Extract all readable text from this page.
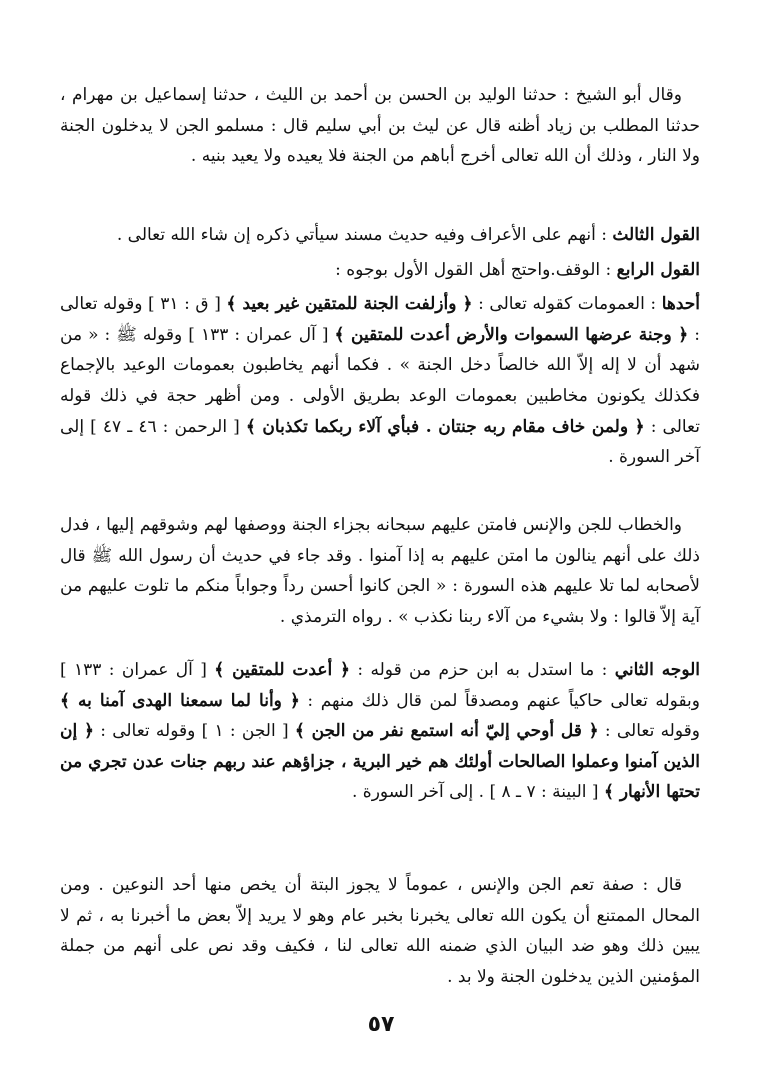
وقال أبو الشيخ : حدثنا الوليد بن الحسن بن أحمد بن الليث ، حدثنا إسماعيل بن مهرام ، حدثنا المطلب بن زياد أظنه قال عن ليث بن أبي سليم قال : مسلمو الجن لا يدخلون الجنة ولا النار ، وذلك أن الله تعالى أخرج أباهم من الجنة فلا يعيده ولا يعيد بنيه .

القول الثالث : أنهم على الأعراف وفيه حديث مسند سيأتي ذكره إن شاء الله تعالى .

القول الرابع : الوقف.واحتج أهل القول الأول بوجوه :

أحدها : العمومات كقوله تعالى : ﴿ وأزلفت الجنة للمتقين غير بعيد ﴾ [ ق : ٣١ ] وقوله تعالى : ﴿ وجنة عرضها السموات والأرض أعدت للمتقين ﴾ [ آل عمران : ١٣٣ ] وقوله ﷺ : « من شهد أن لا إله إلاّ الله خالصاً دخل الجنة » . فكما أنهم يخاطبون بعمومات الوعيد بالإجماع فكذلك يكونون مخاطبين بعمومات الوعد بطريق الأولى . ومن أظهر حجة في ذلك قوله تعالى : ﴿ ولمن خاف مقام ربه جنتان . فبأي آلاء ربكما تكذبان ﴾ [ الرحمن : ٤٦ ـ ٤٧ ] إلى آخر السورة .

والخطاب للجن والإنس فامتن عليهم سبحانه بجزاء الجنة ووصفها لهم وشوقهم إليها ، فدل ذلك على أنهم ينالون ما امتن عليهم به إذا آمنوا . وقد جاء في حديث أن رسول الله ﷺ قال لأصحابه لما تلا عليهم هذه السورة : « الجن كانوا أحسن رداً وجواباً منكم ما تلوت عليهم من آية إلاّ قالوا : ولا بشيء من آلاء ربنا نكذب » . رواه الترمذي .

الوجه الثاني : ما استدل به ابن حزم من قوله : ﴿ أعدت للمتقين ﴾ [ آل عمران : ١٣٣ ] وبقوله تعالى حاكياً عنهم ومصدقاً لمن قال ذلك منهم : ﴿ وأنا لما سمعنا الهدى آمنا به ﴾ وقوله تعالى : ﴿ قل أوحي إليّ أنه استمع نفر من الجن ﴾ [ الجن : ١ ] وقوله تعالى : ﴿ إن الذين آمنوا وعملوا الصالحات أولئك هم خير البرية ، جزاؤهم عند ربهم جنات عدن تجري من تحتها الأنهار ﴾ [ البينة : ٧ ـ ٨ ] . إلى آخر السورة .

قال : صفة تعم الجن والإنس ، عموماً لا يجوز البتة أن يخص منها أحد النوعين . ومن المحال الممتنع أن يكون الله تعالى يخبرنا بخبر عام وهو لا يريد إلاّ بعض ما أخبرنا به ، ثم لا يبين ذلك وهو ضد البيان الذي ضمنه الله تعالى لنا ، فكيف وقد نص على أنهم من جملة المؤمنين الذين يدخلون الجنة ولا بد .

٥٧
